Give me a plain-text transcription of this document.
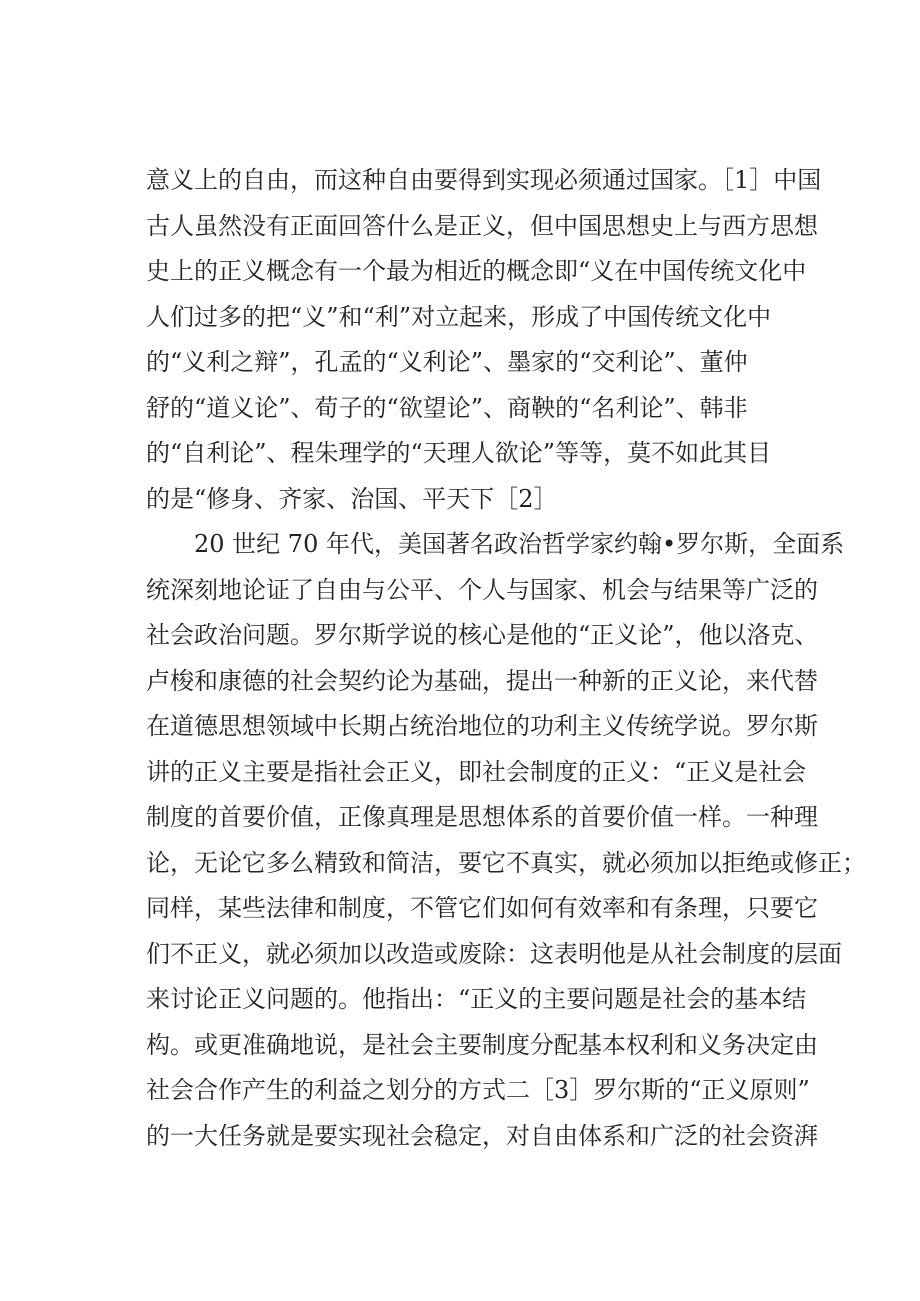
意义上的自由，而这种自由要得到实现必须通过国家。［1］中国
古人虽然没有正面回答什么是正义，但中国思想史上与西方思想
史上的正义概念有一个最为相近的概念即“义在中国传统文化中
人们过多的把“义”和“利”对立起来，形成了中国传统文化中
的“义利之辩”，孔孟的“义利论”、墨家的“交利论”、董仲
舒的“道义论”、荀子的“欲望论”、商鞅的“名利论”、韩非
的“自利论”、程朱理学的“天理人欲论”等等，莫不如此其目
的是“修身、齐家、治国、平天下［2］
20 世纪 70 年代，美国著名政治哲学家约翰•罗尔斯，全面系
统深刻地论证了自由与公平、个人与国家、机会与结果等广泛的
社会政治问题。罗尔斯学说的核心是他的“正义论”，他以洛克、
卢梭和康德的社会契约论为基础，提出一种新的正义论，来代替
在道德思想领域中长期占统治地位的功利主义传统学说。罗尔斯
讲的正义主要是指社会正义，即社会制度的正义：“正义是社会
制度的首要价值，正像真理是思想体系的首要价值一样。一种理
论，无论它多么精致和简洁，要它不真实，就必须加以拒绝或修正；
同样，某些法律和制度，不管它们如何有效率和有条理，只要它
们不正义，就必须加以改造或废除：这表明他是从社会制度的层面
来讨论正义问题的。他指出：“正义的主要问题是社会的基本结
构。或更准确地说，是社会主要制度分配基本权利和义务决定由
社会合作产生的利益之划分的方式二［3］罗尔斯的“正义原则”
的一大任务就是要实现社会稳定，对自由体系和广泛的社会资湃
